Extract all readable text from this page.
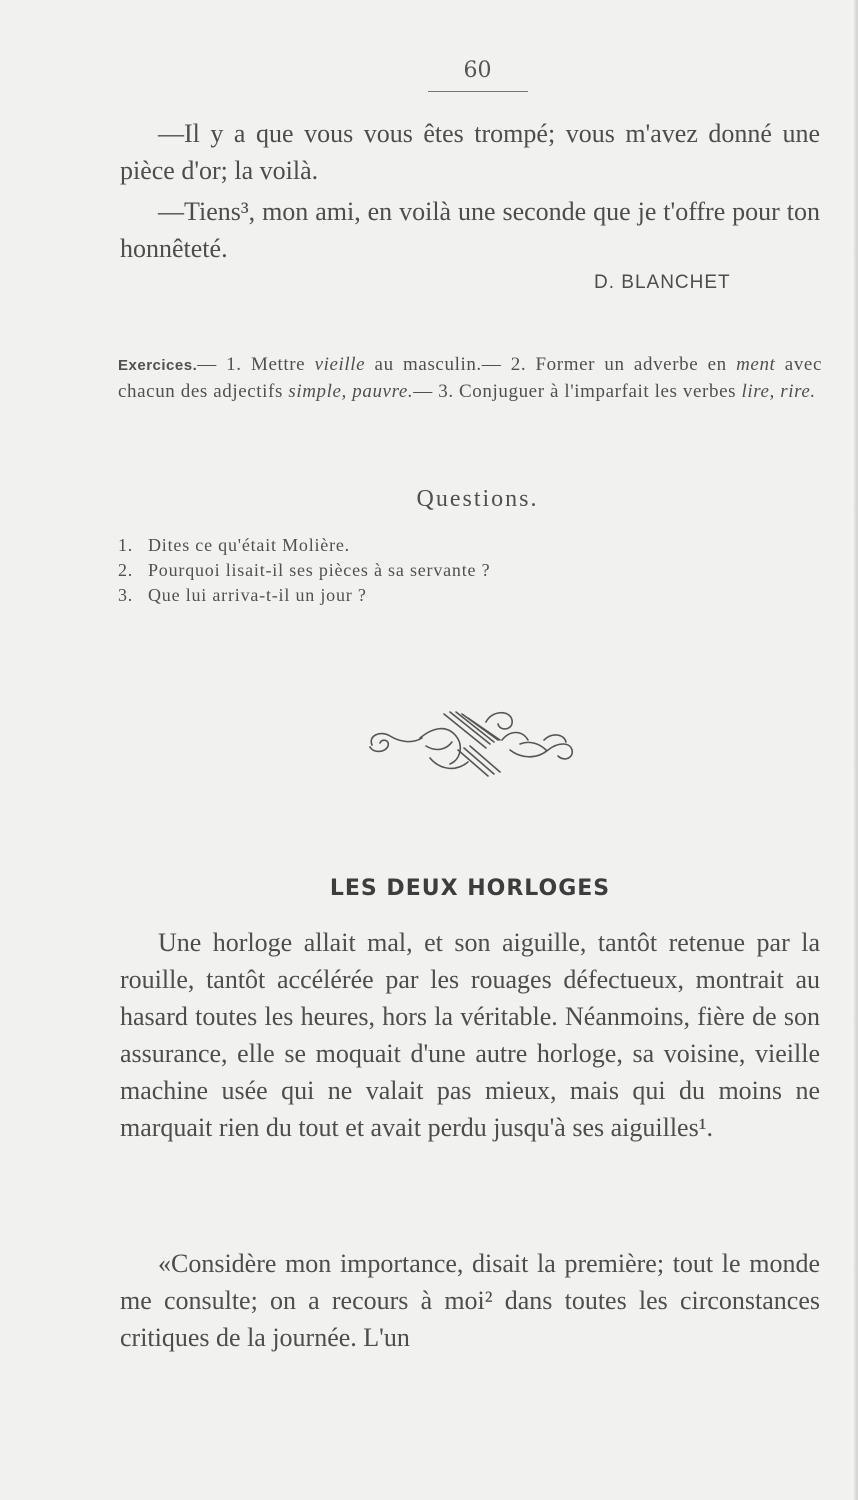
60

—Il y a que vous vous êtes trompé; vous m'avez donné une pièce d'or; la voilà.

—Tiens³, mon ami, en voilà une seconde que je t'offre pour ton honnêteté.

D. BLANCHET

Exercices.— 1. Mettre vieille au masculin.— 2. Former un adverbe en ment avec chacun des adjectifs simple, pauvre.— 3. Conjuguer à l'imparfait les verbes lire, rire.

Questions.
1. Dites ce qu'était Molière.
2. Pourquoi lisait-il ses pièces à sa servante ?
3. Que lui arriva-t-il un jour ?
LES DEUX HORLOGES

Une horloge allait mal, et son aiguille, tantôt retenue par la rouille, tantôt accélérée par les rouages défectueux, montrait au hasard toutes les heures, hors la véritable. Néanmoins, fière de son assurance, elle se moquait d'une autre horloge, sa voisine, vieille machine usée qui ne valait pas mieux, mais qui du moins ne marquait rien du tout et avait perdu jusqu'à ses aiguilles¹.

«Considère mon importance, disait la première; tout le monde me consulte; on a recours à moi² dans toutes les circonstances critiques de la journée. L'un
